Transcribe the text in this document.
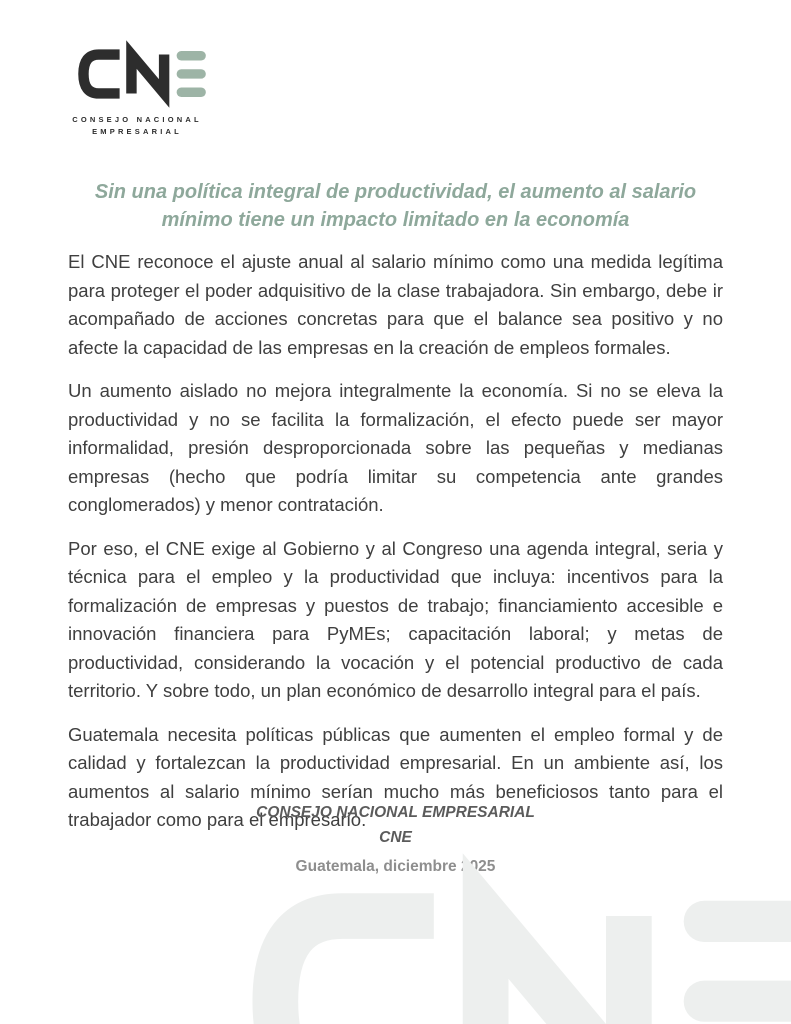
CONSEJO NACIONAL
EMPRESARIAL
Sin una política integral de productividad, el aumento al salario mínimo tiene un impacto limitado en la economía

El CNE reconoce el ajuste anual al salario mínimo como una medida legítima para proteger el poder adquisitivo de la clase trabajadora. Sin embargo, debe ir acompañado de acciones concretas para que el balance sea positivo y no afecte la capacidad de las empresas en la creación de empleos formales.

Un aumento aislado no mejora integralmente la economía. Si no se eleva la productividad y no se facilita la formalización, el efecto puede ser mayor informalidad, presión desproporcionada sobre las pequeñas y medianas empresas (hecho que podría limitar su competencia ante grandes conglomerados) y menor contratación.

Por eso, el CNE exige al Gobierno y al Congreso una agenda integral, seria y técnica para el empleo y la productividad que incluya: incentivos para la formalización de empresas y puestos de trabajo; financiamiento accesible e innovación financiera para PyMEs; capacitación laboral; y metas de productividad, considerando la vocación y el potencial productivo de cada territorio. Y sobre todo, un plan económico de desarrollo integral para el país.

Guatemala necesita políticas públicas que aumenten el empleo formal y de calidad y fortalezcan la productividad empresarial. En un ambiente así, los aumentos al salario mínimo serían mucho más beneficiosos tanto para el trabajador como para el empresario.

CONSEJO NACIONAL EMPRESARIAL
CNE
Guatemala, diciembre 2025
